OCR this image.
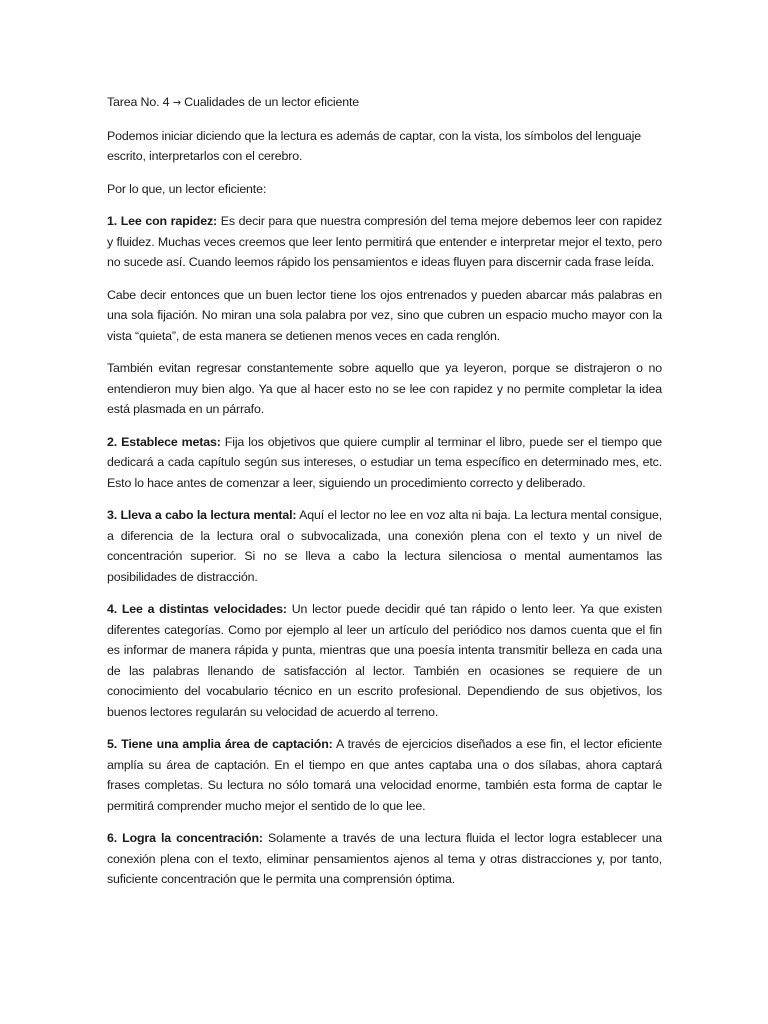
Tarea No. 4 → Cualidades de un lector eficiente

Podemos iniciar diciendo que la lectura es además de captar, con la vista, los símbolos del lenguaje escrito, interpretarlos con el cerebro.

Por lo que, un lector eficiente:

1. Lee con rapidez: Es decir para que nuestra compresión del tema mejore debemos leer con rapidez y fluidez. Muchas veces creemos que leer lento permitirá que entender e interpretar mejor el texto, pero no sucede así. Cuando leemos rápido los pensamientos e ideas fluyen para discernir cada frase leída.

Cabe decir entonces que un buen lector tiene los ojos entrenados y pueden abarcar más palabras en una sola fijación. No miran una sola palabra por vez, sino que cubren un espacio mucho mayor con la vista “quieta”, de esta manera se detienen menos veces en cada renglón.

También evitan regresar constantemente sobre aquello que ya leyeron, porque se distrajeron o no entendieron muy bien algo. Ya que al hacer esto no se lee con rapidez y no permite completar la idea está plasmada en un párrafo.

2. Establece metas: Fija los objetivos que quiere cumplir al terminar el libro, puede ser el tiempo que dedicará a cada capítulo según sus intereses, o estudiar un tema específico en determinado mes, etc. Esto lo hace antes de comenzar a leer, siguiendo un procedimiento correcto y deliberado.

3. Lleva a cabo la lectura mental: Aquí el lector no lee en voz alta ni baja. La lectura mental consigue, a diferencia de la lectura oral o subvocalizada, una conexión plena con el texto y un nivel de concentración superior. Si no se lleva a cabo la lectura silenciosa o mental aumentamos las posibilidades de distracción.

4. Lee a distintas velocidades: Un lector puede decidir qué tan rápido o lento leer. Ya que existen diferentes categorías. Como por ejemplo al leer un artículo del periódico nos damos cuenta que el fin es informar de manera rápida y punta, mientras que una poesía intenta transmitir belleza en cada una de las palabras llenando de satisfacción al lector. También en ocasiones se requiere de un conocimiento del vocabulario técnico en un escrito profesional. Dependiendo de sus objetivos, los buenos lectores regularán su velocidad de acuerdo al terreno.

5. Tiene una amplia área de captación: A través de ejercicios diseñados a ese fin, el lector eficiente amplía su área de captación. En el tiempo en que antes captaba una o dos sílabas, ahora captará frases completas. Su lectura no sólo tomará una velocidad enorme, también esta forma de captar le permitirá comprender mucho mejor el sentido de lo que lee.

6. Logra la concentración: Solamente a través de una lectura fluida el lector logra establecer una conexión plena con el texto, eliminar pensamientos ajenos al tema y otras distracciones y, por tanto, suficiente concentración que le permita una comprensión óptima.
